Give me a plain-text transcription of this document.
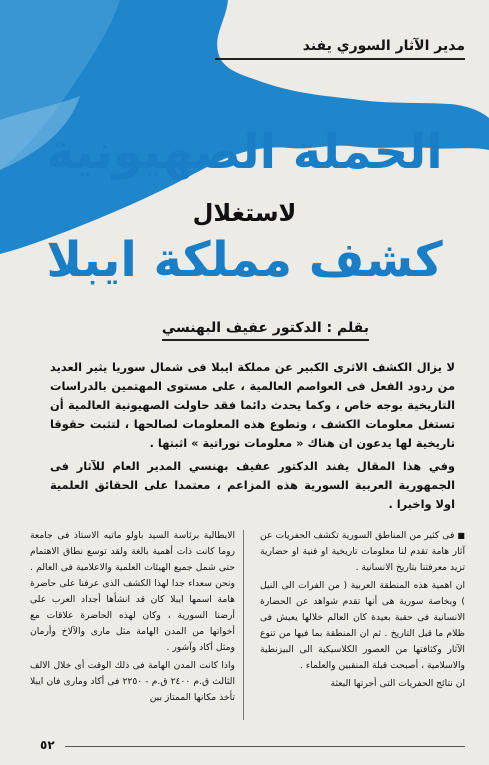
مدير الآثار السوري يفند
الحملة الصهيونية
لاستغلال
كشف مملكة ايبلا
بقلم : الدكتور عفيف البهنسي

لا يزال الكشف الاثرى الكبير عن مملكة ايبلا فى شمال سوريا يثير العديد من ردود الفعل فى العواصم العالمية ، على مستوى المهتمين بالدراسات التاريخية بوجه خاص ، وكما يحدث دائما فقد حاولت الصهيونية العالمية أن تستغل معلومات الكشف ، وتطوع هذه المعلومات لصالحها ، لتثبت حقوقا تاريخية لها يدعون ان هناك « معلومات توراتية » اثبتها .

وفي هذا المقال يفند الدكتور عفيف بهنسي المدير العام للآثار فى الجمهورية العربية السورية هذه المزاعم ، معتمدا على الحقائق العلمية اولا واخيرا .

■فى كثير من المناطق السورية تكشف الحفريات عن آثار هامة تقدم لنا معلومات تاريخية او فنية او حضارية تزيد معرفتنا بتاريخ الانسانية .

ان اهمية هذه المنطقة العربية ( من الفرات الى النيل ) وبخاصة سورية هى أنها تقدم شواهد عن الحضارة الانسانية فى حقبة بعيدة كان العالم خلالها يعيش فى ظلام ما قبل التاريخ . ثم ان المنطقة بما فيها من تنوع الآثار وكثافتها من العصور الكلاسيكية الى البيزنطية والاسلامية ، أصبحت قبلة المنقبين والعلماء .

ان نتائج الحفريات التى أجرتها البعثة

الايطالية برئاسة السيد باولو ماتيه الاستاذ فى جامعة روما كانت ذات أهمية بالغة ولقد توسع نطاق الاهتمام حتى شمل جميع الهيئات العلمية والاعلامية فى العالم . ونحن سعداء جدا لهذا الكشف الذى عرفنا على حاضرة هامة اسمها ايبلا كان قد انشأها أجداد العرب على أرضنا السورية ، وكان لهذه الحاضرة علاقات مع أخواتها من المدن الهامة مثل مارى والآلاخ وأرمان ومثل أكاد وآشور .

واذا كانت المدن الهامة فى ذلك الوقت أى خلال الالف الثالث ق.م ٢٤٠٠ ق.م - ٢٢٥٠ فى أكاد ومارى فان ايبلا تأخذ مكانها الممتاز بين

٥٢
